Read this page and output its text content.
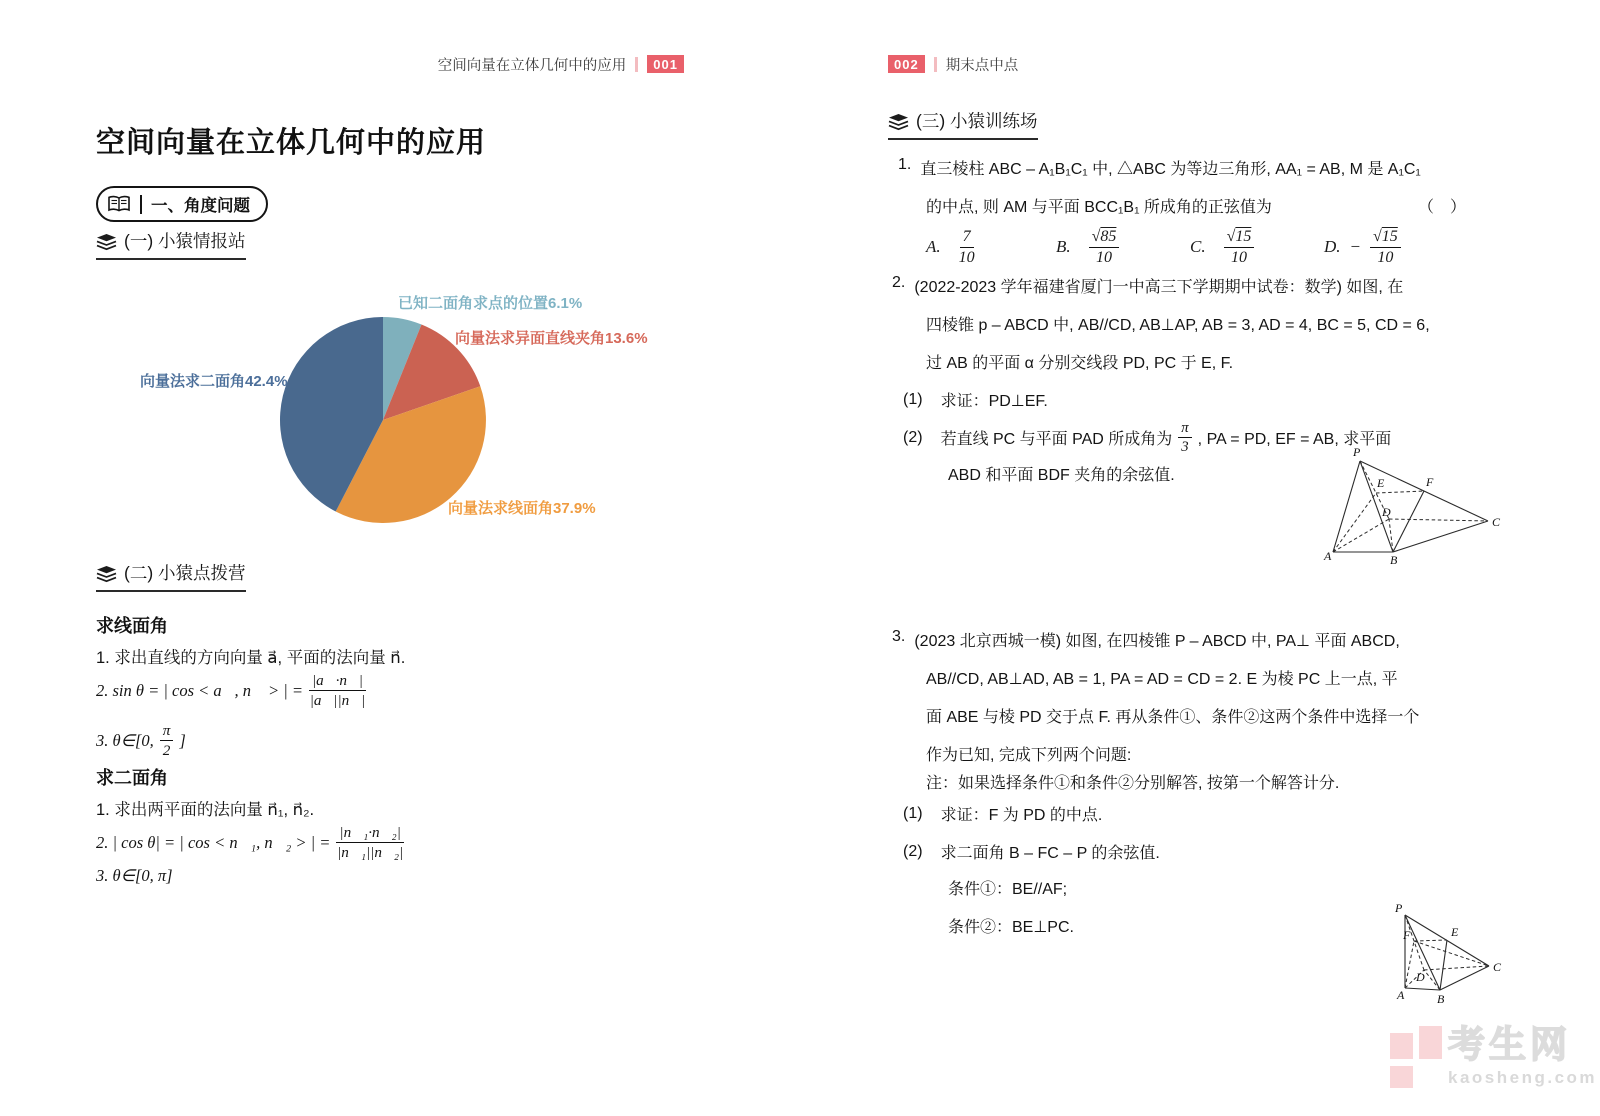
空间向量在立体几何中的应用	001
空间向量在立体几何中的应用
一、角度问题
(一) 小猿情报站
已知二面角求点的位置6.1%
向量法求异面直线夹角13.6%
向量法求线面角37.9%
向量法求二面角42.4%
(二) 小猿点拨营
求线面角
1. 求出直线的方向向量 a⃗, 平面的法向量 n⃗.
2. sin θ = | cos < a⃗, n⃗ > | = $\frac{|a⃗\cdot n⃗|}{|a⃗||n⃗|}$
3. θ∈[0, $\frac{\pi}{2}$ ]
求二面角
1. 求出两平面的法向量 n⃗₁, n⃗₂.
2. | cos θ| = | cos < n⃗₁, n⃗₂ > | = $\frac{\text{|n⃗₁·n⃗₂|}}{\text{|n⃗₁||n⃗₂|}}$
3. θ∈[0, π]
002	期末点中点
(三) 小猿训练场
1. 直三棱柱 ABC – A₁B₁C₁ 中, △ABC 为等边三角形, AA₁ = AB, M 是 A₁C₁
的中点, 则 AM 与平面 BCC₁B₁ 所成角的正弦值为	（　）
A. $\frac{7}{10}$	B. $\frac{√85}{10}$	C. $\frac{√15}{10}$	D. − $\frac{√15}{10}$
2. (2022-2023 学年福建省厦门一中高三下学期期中试卷：数学) 如图, 在
四棱锥 p – ABCD 中, AB//CD, AB⊥AP, AB = 3, AD = 4, BC = 5, CD = 6,
过 AB 的平面 α 分别交线段 PD, PC 于 E, F.
(1) 求证：PD⊥EF.
(2) 若直线 PC 与平面 PAD 所成角为 $\frac{\pi}{3}$ , PA = PD, EF = AB, 求平面
ABD 和平面 BDF 夹角的余弦值.
P
E	F
D
C
A	B
3. (2023 北京西城一模) 如图, 在四棱锥 P – ABCD 中, PA⊥ 平面 ABCD,
AB//CD, AB⊥AD, AB = 1, PA = AD = CD = 2. E 为棱 PC 上一点, 平
面 ABE 与棱 PD 交于点 F. 再从条件①、条件②这两个条件中选择一个
作为已知, 完成下列两个问题:
注：如果选择条件①和条件②分别解答, 按第一个解答计分.
(1) 求证：F 为 PD 的中点.
(2) 求二面角 B – FC – P 的余弦值.
条件①：BE//AF;
条件②：BE⊥PC.
P
F	E
D
C
A	B
考生网
kaosheng.com
